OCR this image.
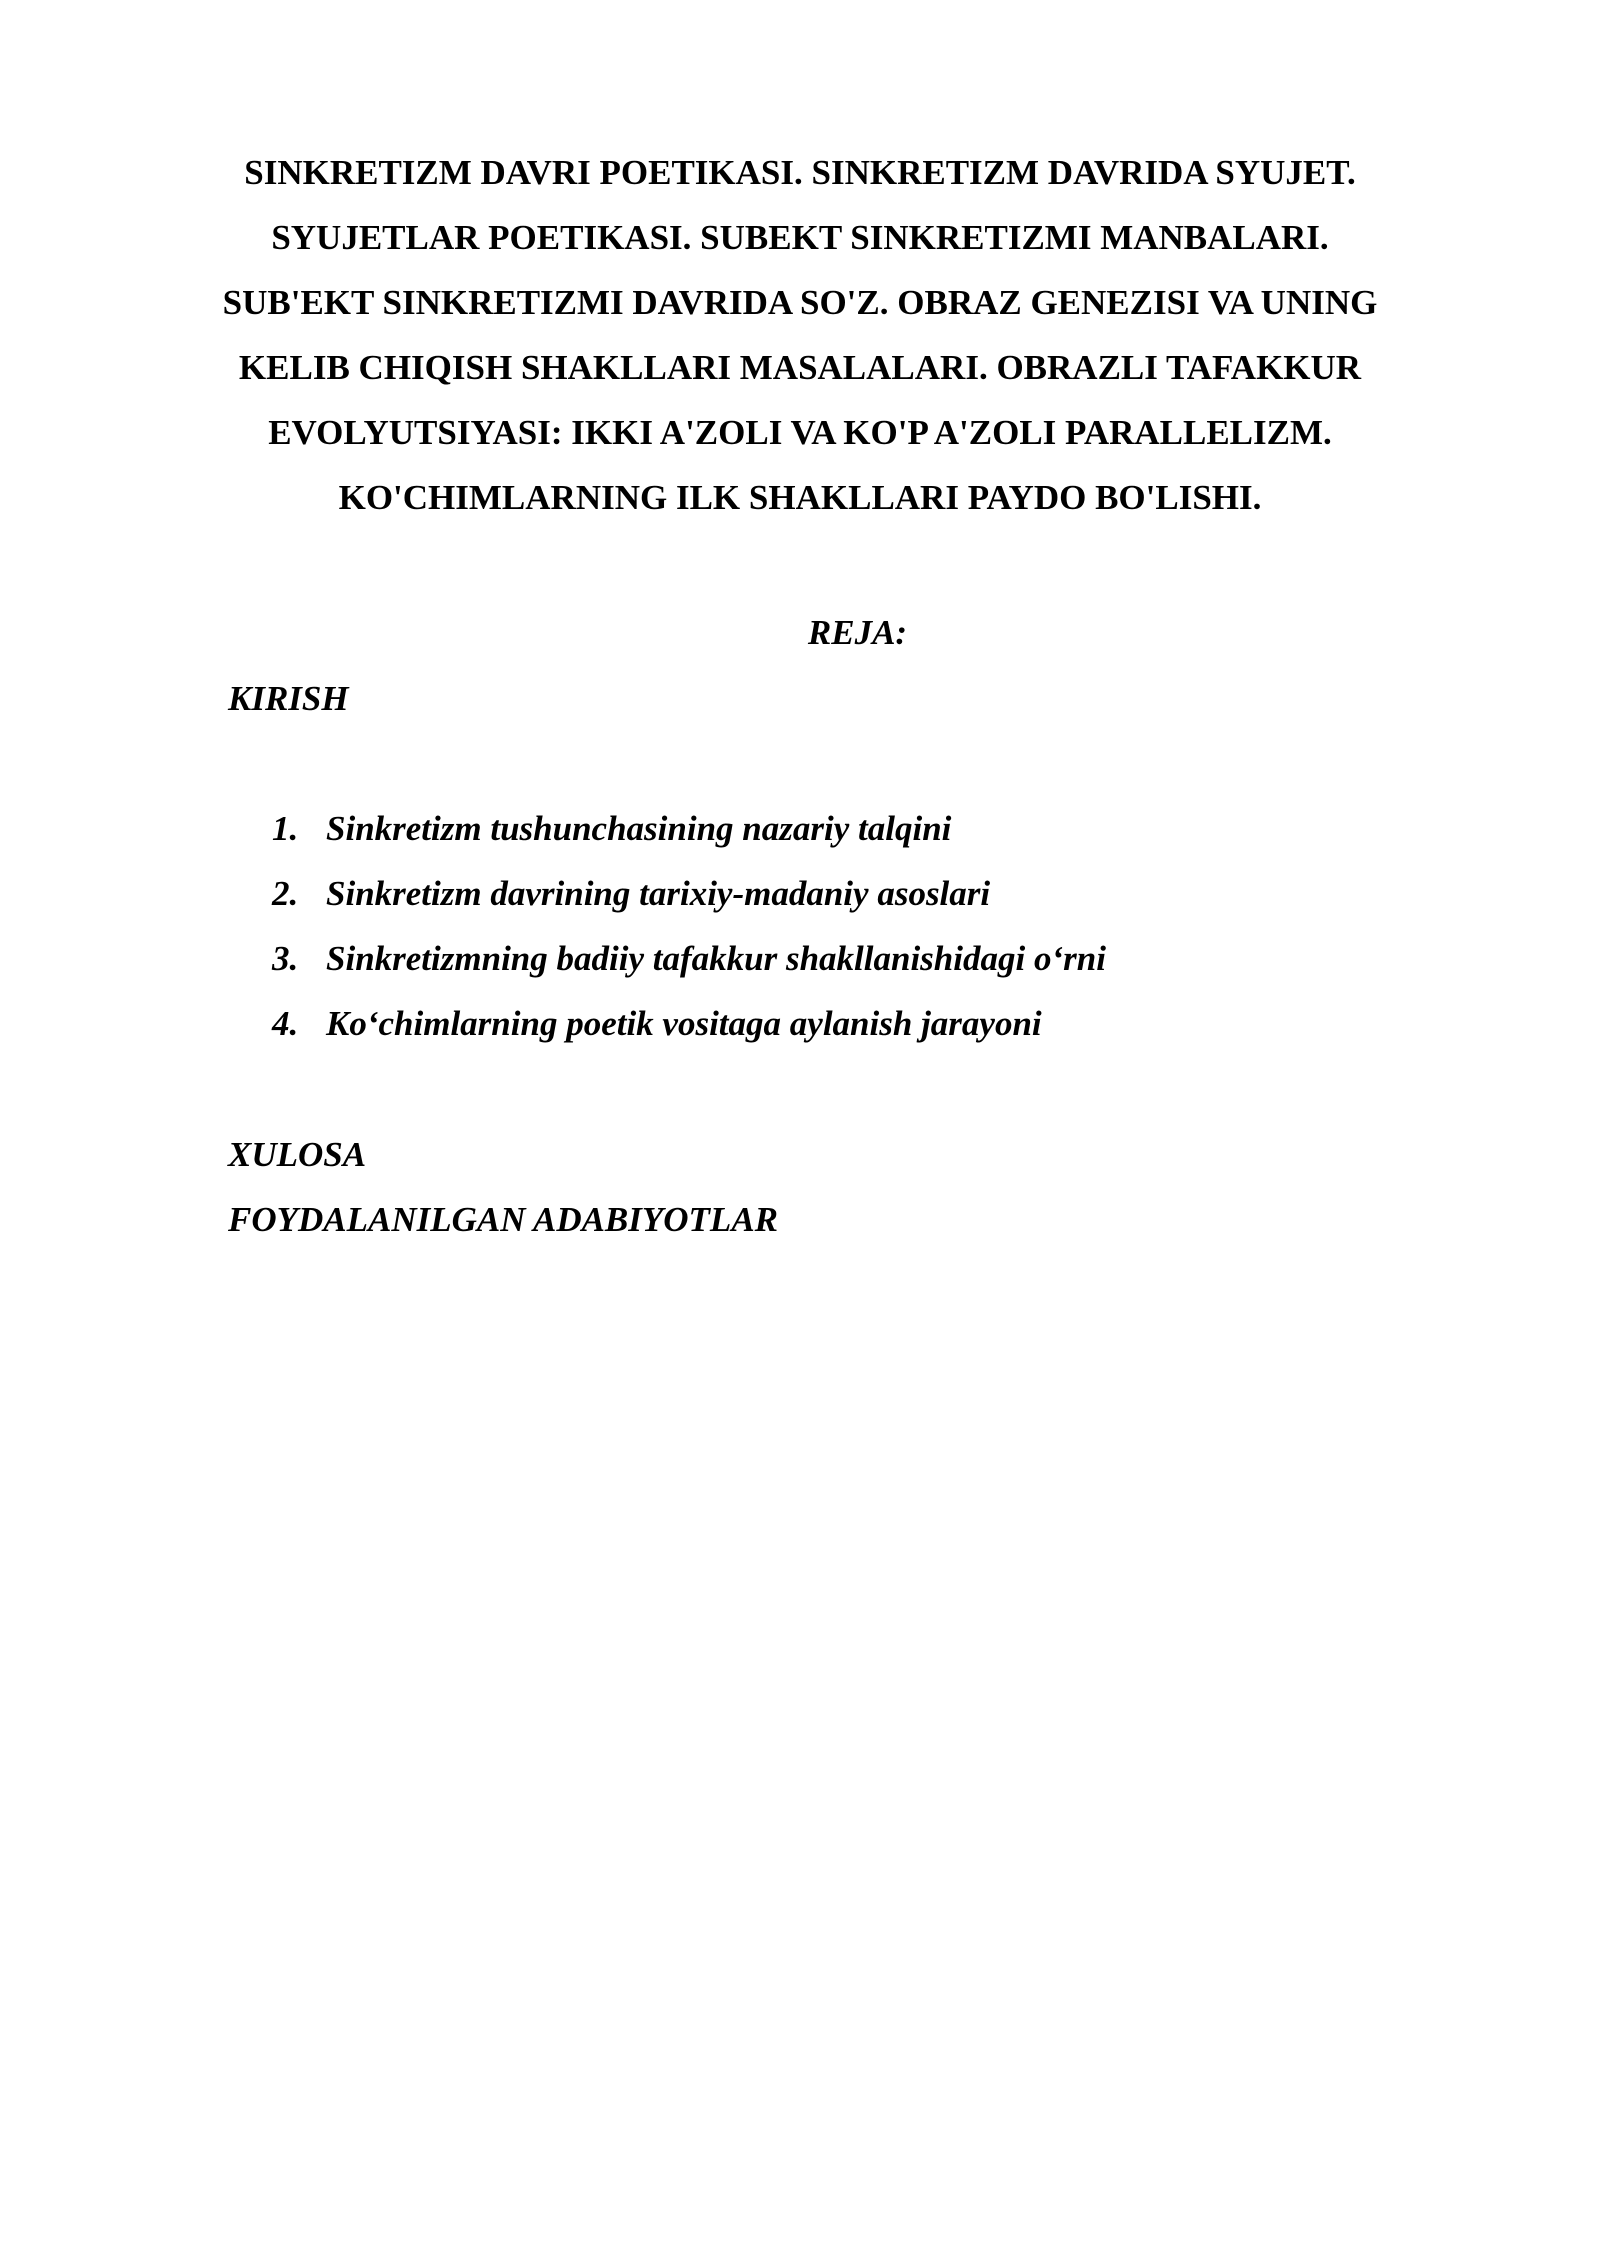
SINKRETIZM DAVRI POETIKASI. SINKRETIZM DAVRIDA SYUJET.
SYUJETLAR POETIKASI. SUBEKT SINKRETIZMI MANBALARI.
SUB'EKT SINKRETIZMI DAVRIDA SO'Z. OBRAZ GENEZISI VA UNING
KELIB CHIQISH SHAKLLARI MASALALARI. OBRAZLI TAFAKKUR
EVOLYUTSIYASI: IKKI A'ZOLI VA KO'P A'ZOLI PARALLELIZM.
KO'CHIMLARNING ILK SHAKLLARI PAYDO BO'LISHI.

REJA:

KIRISH

1. Sinkretizm tushunchasining nazariy talqini
2. Sinkretizm davrining tarixiy-madaniy asoslari
3. Sinkretizmning badiiy tafakkur shakllanishidagi o‘rni
4. Ko‘chimlarning poetik vositaga aylanish jarayoni

XULOSA

FOYDALANILGAN ADABIYOTLAR
